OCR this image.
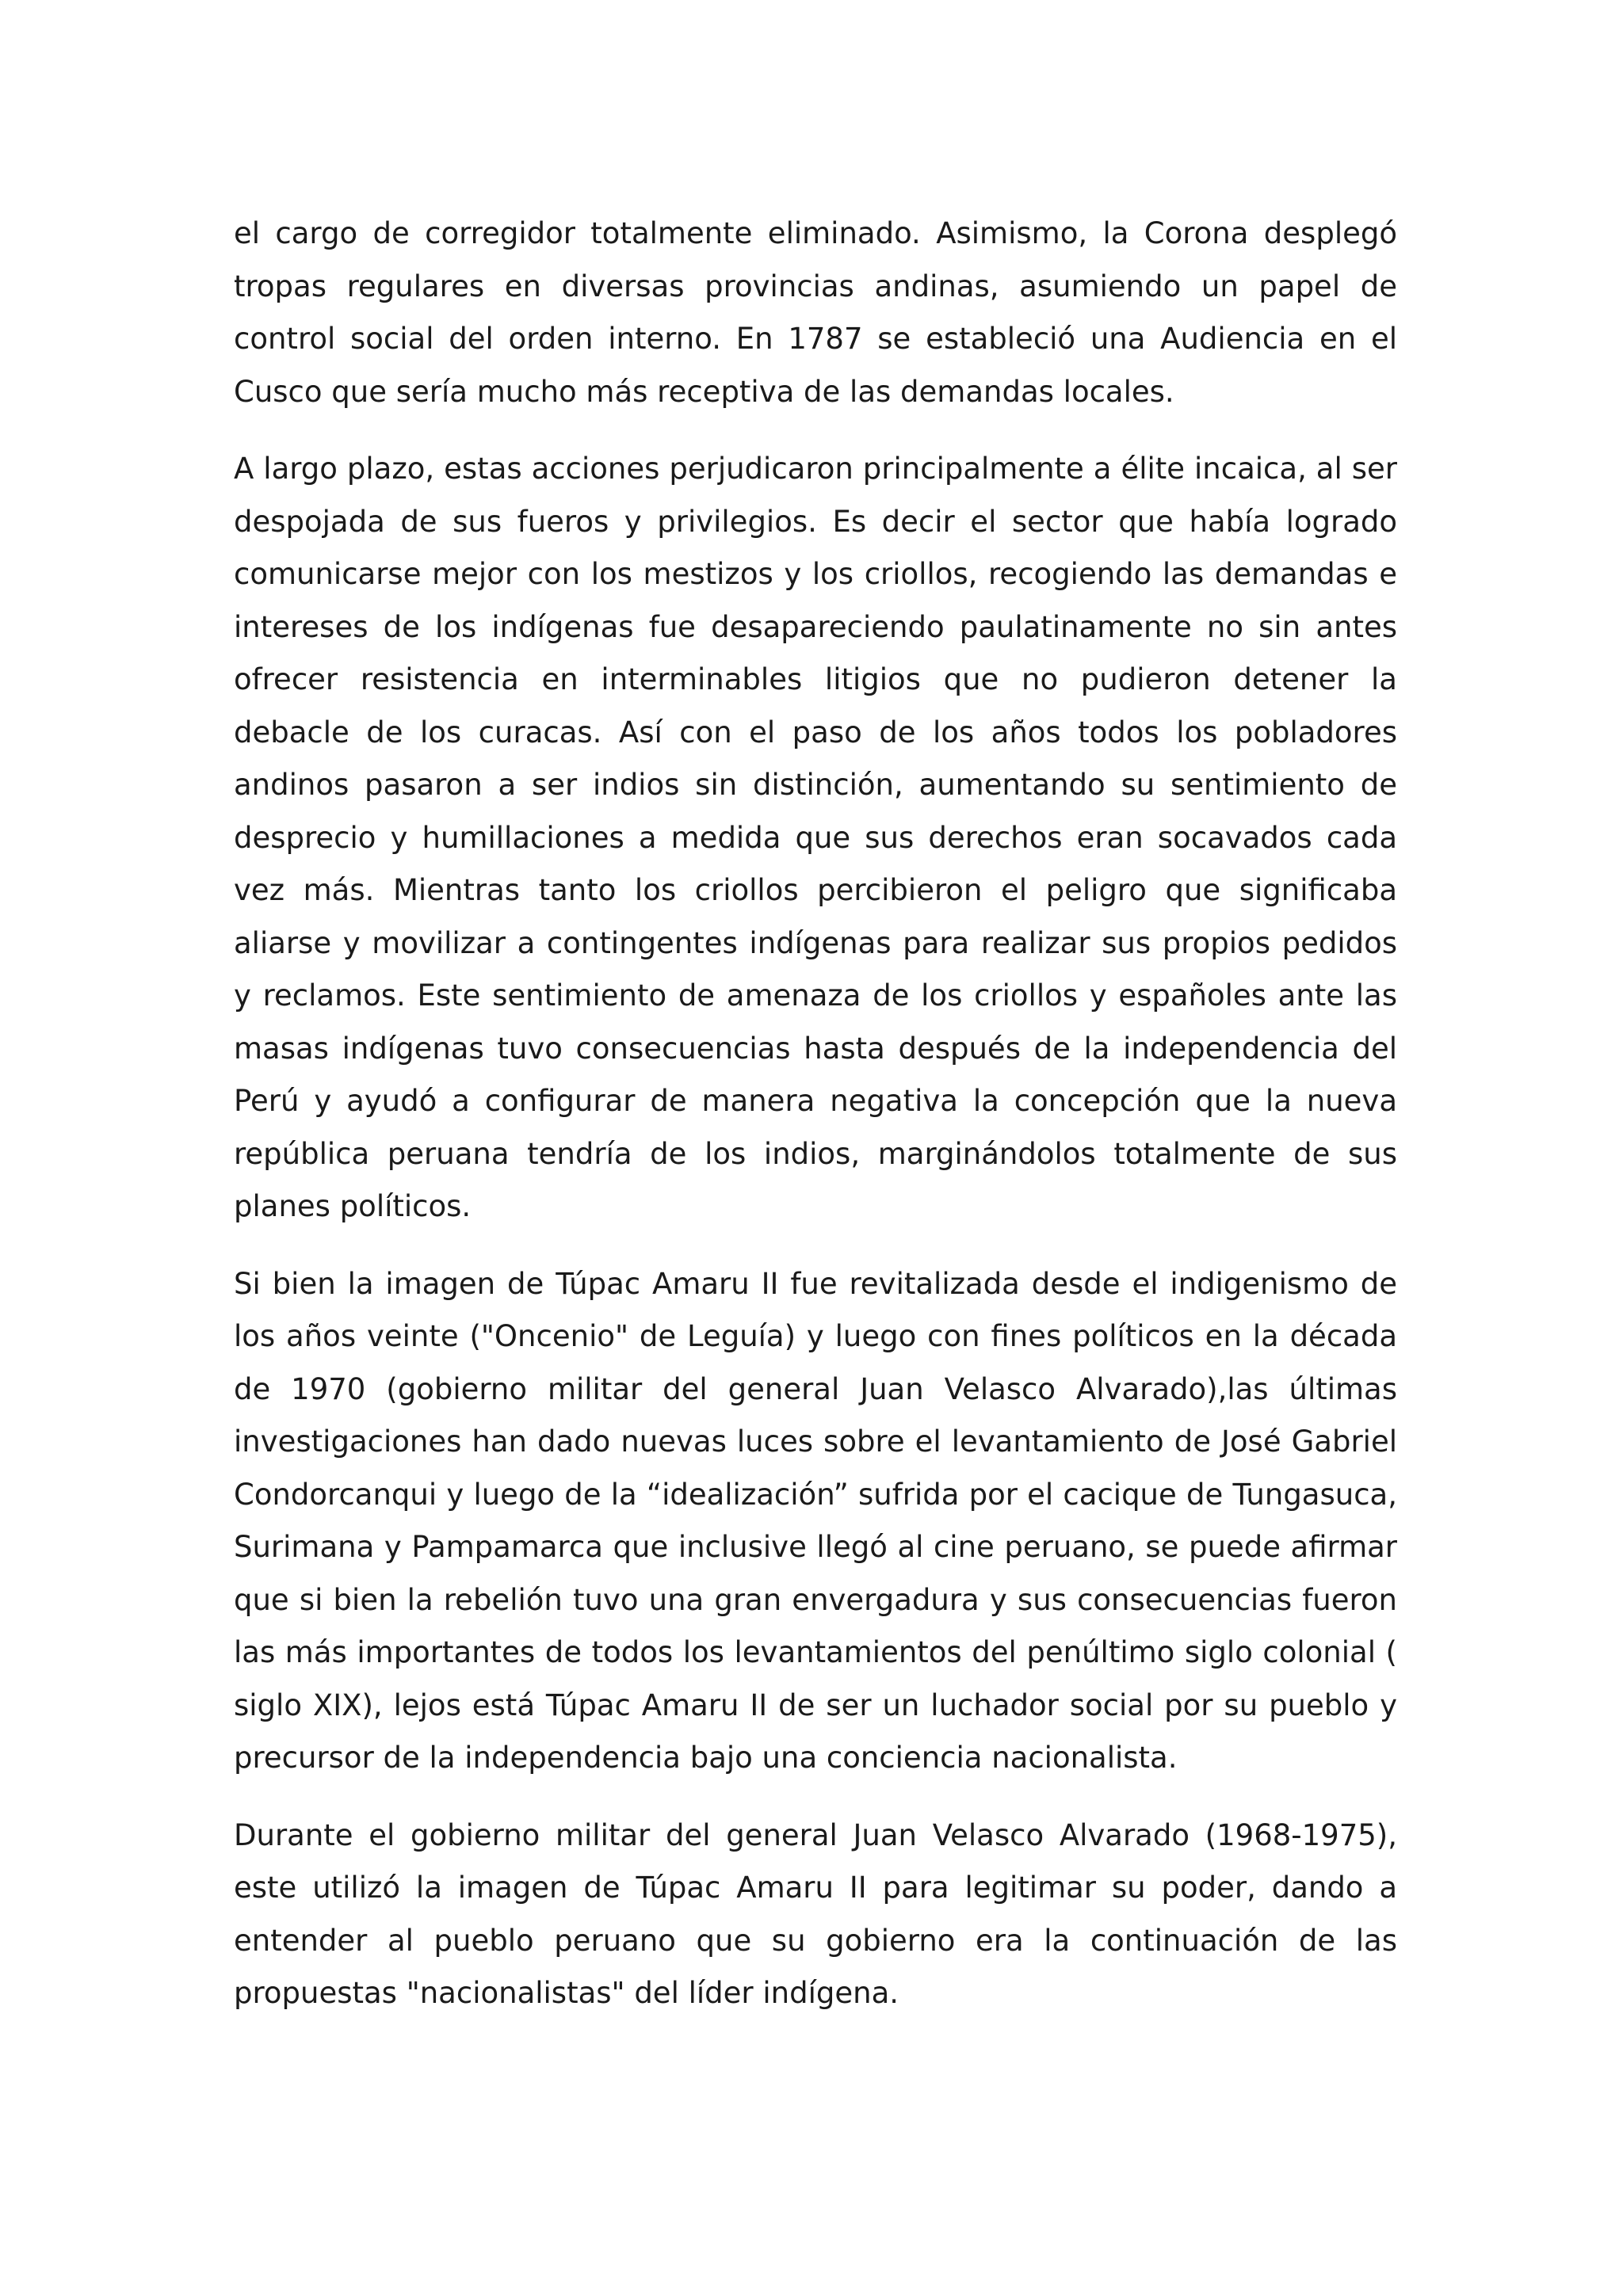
el cargo de corregidor totalmente eliminado. Asimismo, la Corona desplegó tropas regulares en diversas provincias andinas, asumiendo un papel de control social del orden interno. En 1787 se estableció una Audiencia en el Cusco que sería mucho más receptiva de las demandas locales.

A largo plazo, estas acciones perjudicaron principalmente a élite incaica, al ser despojada de sus fueros y privilegios. Es decir el sector que había logrado comunicarse mejor con los mestizos y los criollos, recogiendo las demandas e intereses de los indígenas fue desapareciendo paulatinamente no sin antes ofrecer resistencia en interminables litigios que no pudieron detener la debacle de los curacas. Así con el paso de los años todos los pobladores andinos pasaron a ser indios sin distinción, aumentando su sentimiento de desprecio y humillaciones a medida que sus derechos eran socavados cada vez más. Mientras tanto los criollos percibieron el peligro que significaba aliarse y movilizar a contingentes indígenas para realizar sus propios pedidos y reclamos. Este sentimiento de amenaza de los criollos y españoles ante las masas indígenas tuvo consecuencias hasta después de la independencia del Perú y ayudó a configurar de manera negativa la concepción que la nueva república peruana tendría de los indios, marginándolos totalmente de sus planes políticos.

Si bien la imagen de Túpac Amaru II fue revitalizada desde el indigenismo de los años veinte ("Oncenio" de Leguía) y luego con fines políticos en la década de 1970 (gobierno militar del general Juan Velasco Alvarado),las últimas investigaciones han dado nuevas luces sobre el levantamiento de José Gabriel Condorcanqui y luego de la “idealización” sufrida por el cacique de Tungasuca, Surimana y Pampamarca que inclusive llegó al cine peruano, se puede afirmar que si bien la rebelión tuvo una gran envergadura y sus consecuencias fueron las más importantes de todos los levantamientos del penúltimo siglo colonial ( siglo XIX), lejos está Túpac Amaru II de ser un luchador social por su pueblo y precursor de la independencia bajo una conciencia nacionalista.

Durante el gobierno militar del general Juan Velasco Alvarado (1968-1975), este utilizó la imagen de Túpac Amaru II para legitimar su poder, dando a entender al pueblo peruano que su gobierno era la continuación de las propuestas "nacionalistas" del líder indígena.
